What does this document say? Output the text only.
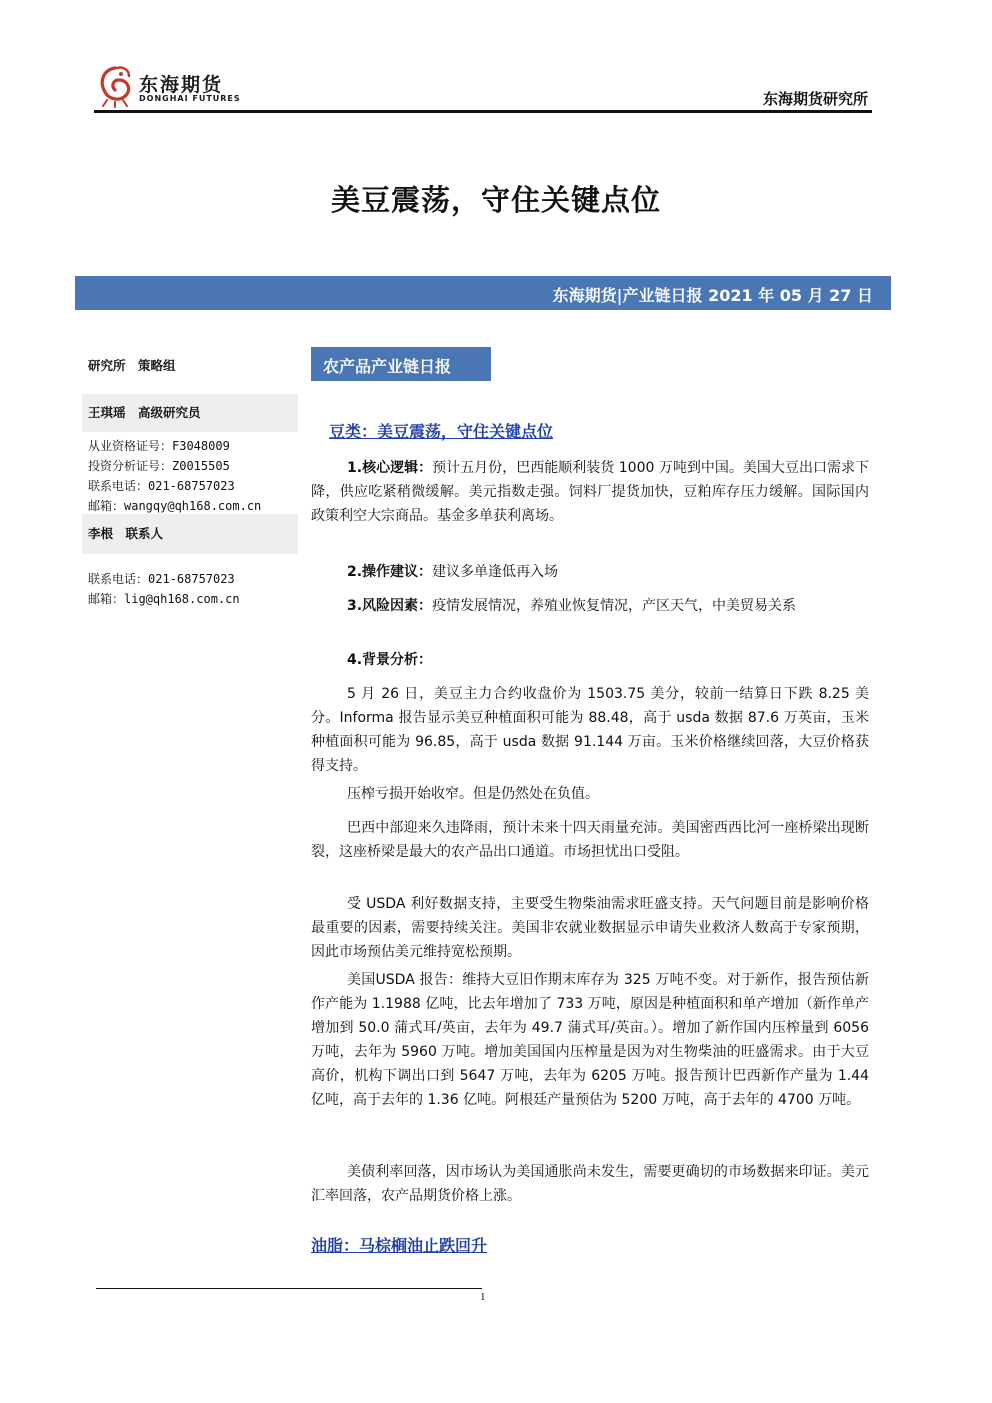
东海期货
DONGHAI FUTURES	东海期货研究所
美豆震荡，守住关键点位
东海期货|产业链日报 2021 年 05 月 27 日
研究所　策略组
王琪瑶　高级研究员
从业资格证号：F3048009
投资分析证号：Z0015505
联系电话：021-68757023
邮箱：wangqy@qh168.com.cn
李根　联系人
联系电话：021-68757023
邮箱：lig@qh168.com.cn
农产品产业链日报
豆类：美豆震荡，守住关键点位
1.核心逻辑：预计五月份，巴西能顺利装货 1000 万吨到中国。美国大豆出口需求下降，供应吃紧稍微缓解。美元指数走强。饲料厂提货加快，豆粕库存压力缓解。国际国内政策利空大宗商品。基金多单获利离场。
2.操作建议：建议多单逢低再入场
3.风险因素：疫情发展情况，养殖业恢复情况，产区天气，中美贸易关系
4.背景分析：
5 月 26 日，美豆主力合约收盘价为 1503.75 美分，较前一结算日下跌 8.25 美分。Informa 报告显示美豆种植面积可能为 88.48，高于 usda 数据 87.6 万英亩，玉米种植面积可能为 96.85，高于 usda 数据 91.144 万亩。玉米价格继续回落，大豆价格获得支持。
压榨亏损开始收窄。但是仍然处在负值。
巴西中部迎来久违降雨，预计未来十四天雨量充沛。美国密西西比河一座桥梁出现断裂，这座桥梁是最大的农产品出口通道。市场担忧出口受阻。
受 USDA 利好数据支持，主要受生物柴油需求旺盛支持。天气问题目前是影响价格最重要的因素，需要持续关注。美国非农就业数据显示申请失业救济人数高于专家预期，因此市场预估美元维持宽松预期。
美国USDA 报告：维持大豆旧作期末库存为 325 万吨不变。对于新作，报告预估新作产能为 1.1988 亿吨，比去年增加了 733 万吨，原因是种植面积和单产增加（新作单产增加到 50.0 蒲式耳/英亩，去年为 49.7 蒲式耳/英亩。）。增加了新作国内压榨量到 6056 万吨，去年为 5960 万吨。增加美国国内压榨量是因为对生物柴油的旺盛需求。由于大豆高价，机构下调出口到 5647 万吨，去年为 6205 万吨。报告预计巴西新作产量为 1.44 亿吨，高于去年的 1.36 亿吨。阿根廷产量预估为 5200 万吨，高于去年的 4700 万吨。
美债利率回落，因市场认为美国通胀尚未发生，需要更确切的市场数据来印证。美元汇率回落，农产品期货价格上涨。
油脂：马棕榈油止跌回升
1
